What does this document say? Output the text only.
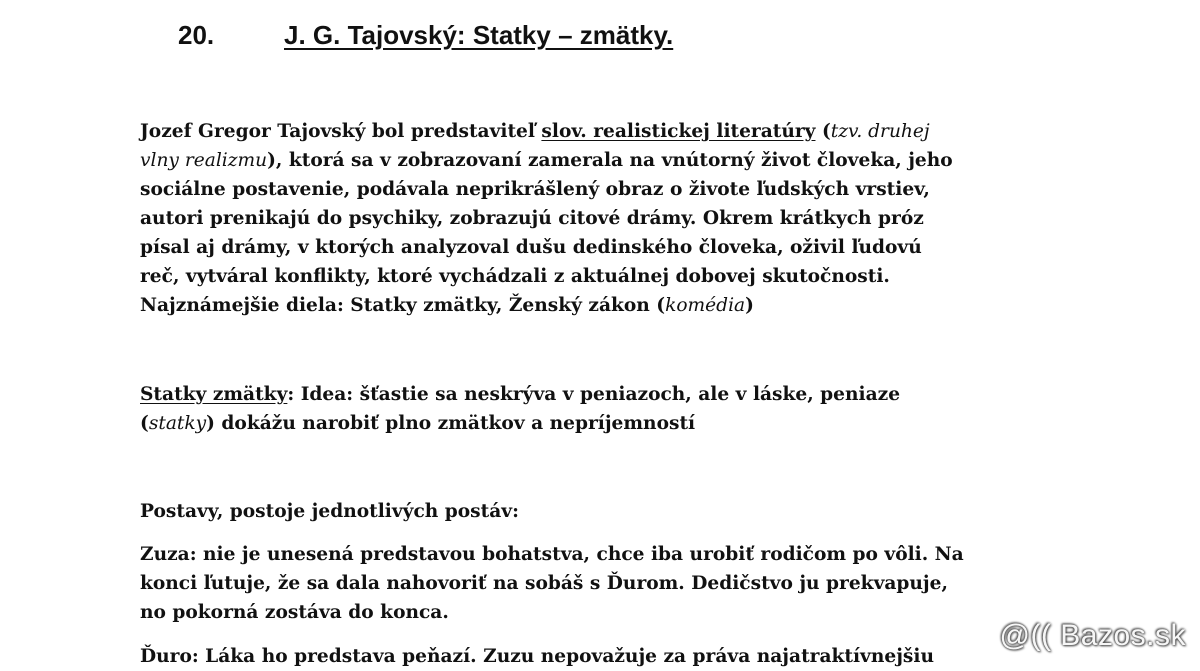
20.	J. G. Tajovský: Statky – zmätky.

Jozef Gregor Tajovský bol predstaviteľ slov. realistickej literatúry (tzv. druhej
vlny realizmu), ktorá sa v zobrazovaní zamerala na vnútorný život človeka, jeho
sociálne postavenie, podávala neprikrášlený obraz o živote ľudských vrstiev,
autori prenikajú do psychiky, zobrazujú citové drámy. Okrem krátkych próz
písal aj drámy, v ktorých analyzoval dušu dedinského človeka, oživil ľudovú
reč, vytváral konflikty, ktoré vychádzali z aktuálnej dobovej skutočnosti.
Najznámejšie diela: Statky zmätky, Ženský zákon (komédia)

Statky zmätky: Idea: šťastie sa neskrýva v peniazoch, ale v láske, peniaze
(statky) dokážu narobiť plno zmätkov a nepríjemností

Postavy, postoje jednotlivých postáv:

Zuza: nie je unesená predstavou bohatstva, chce iba urobiť rodičom po vôli. Na
konci ľutuje, že sa dala nahovoriť na sobáš s Ďurom. Dedičstvo ju prekvapuje,
no pokorná zostáva do konca.

Ďuro: Láka ho predstava peňazí. Zuzu nepovažuje za práva najatraktívnejšiu

@(( Bazos.sk
